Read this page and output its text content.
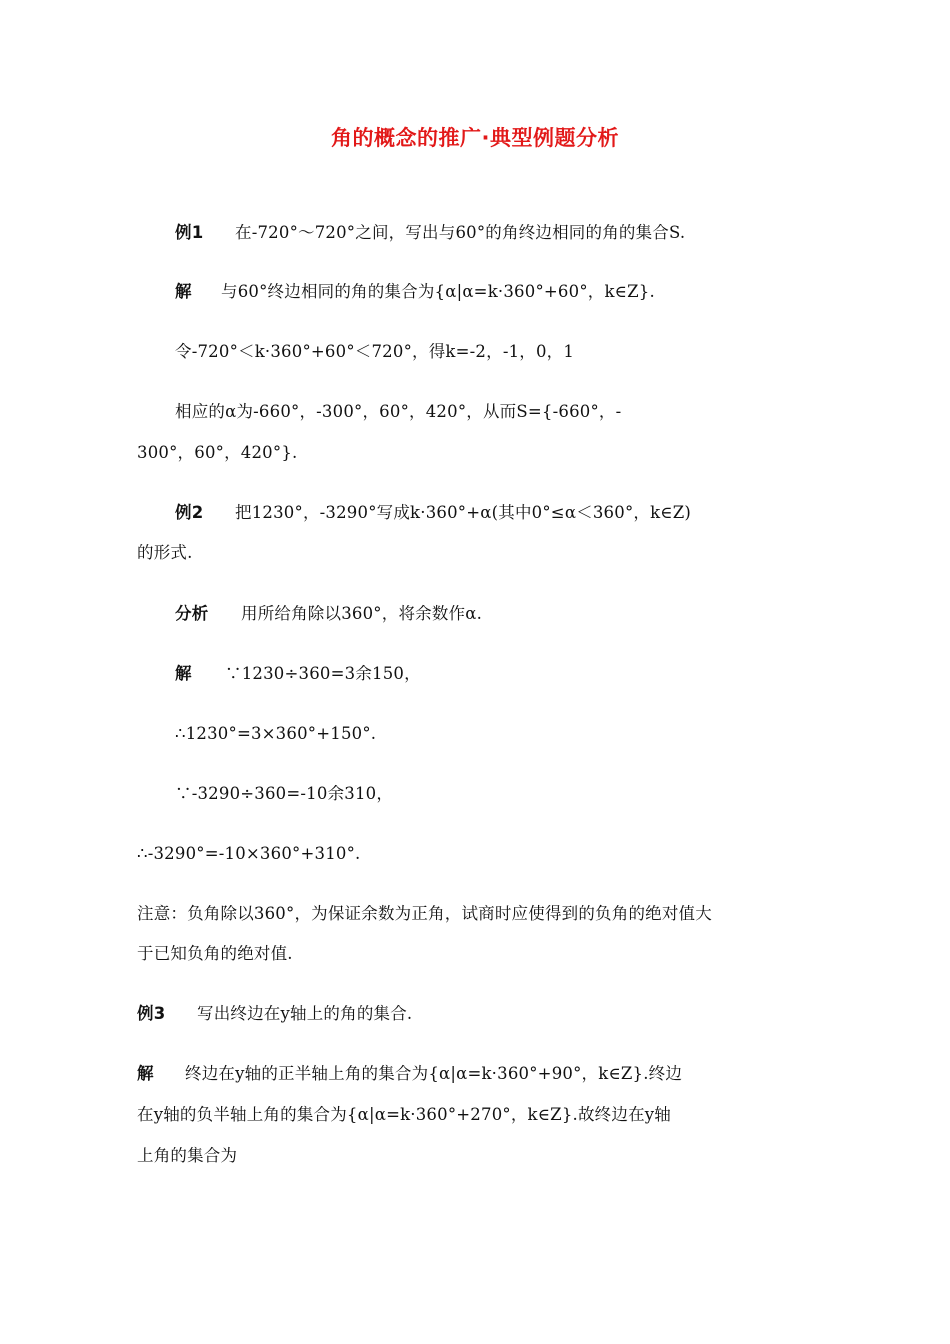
角的概念的推广·典型例题分析
例1 在-720°～720°之间，写出与60°的角终边相同的角的集合S.
解 与60°终边相同的角的集合为{α|α=k·360°+60°，k∈Z}.
令-720°＜k·360°+60°＜720°，得k=-2，-1，0，1
相应的α为-660°，-300°，60°，420°，从而S={-660°，-
300°，60°，420°}.
例2 把1230°，-3290°写成k·360°+α(其中0°≤α＜360°，k∈Z)
的形式.
分析 用所给角除以360°，将余数作α.
解 ∵1230÷360=3余150，
∴1230°=3×360°+150°.
∵-3290÷360=-10余310，
∴-3290°=-10×360°+310°.
注意：负角除以360°，为保证余数为正角，试商时应使得到的负角的绝对值大
于已知负角的绝对值.
例3 写出终边在y轴上的角的集合.
解 终边在y轴的正半轴上角的集合为{α|α=k·360°+90°，k∈Z}.终边
在y轴的负半轴上角的集合为{α|α=k·360°+270°，k∈Z}.故终边在y轴
上角的集合为
